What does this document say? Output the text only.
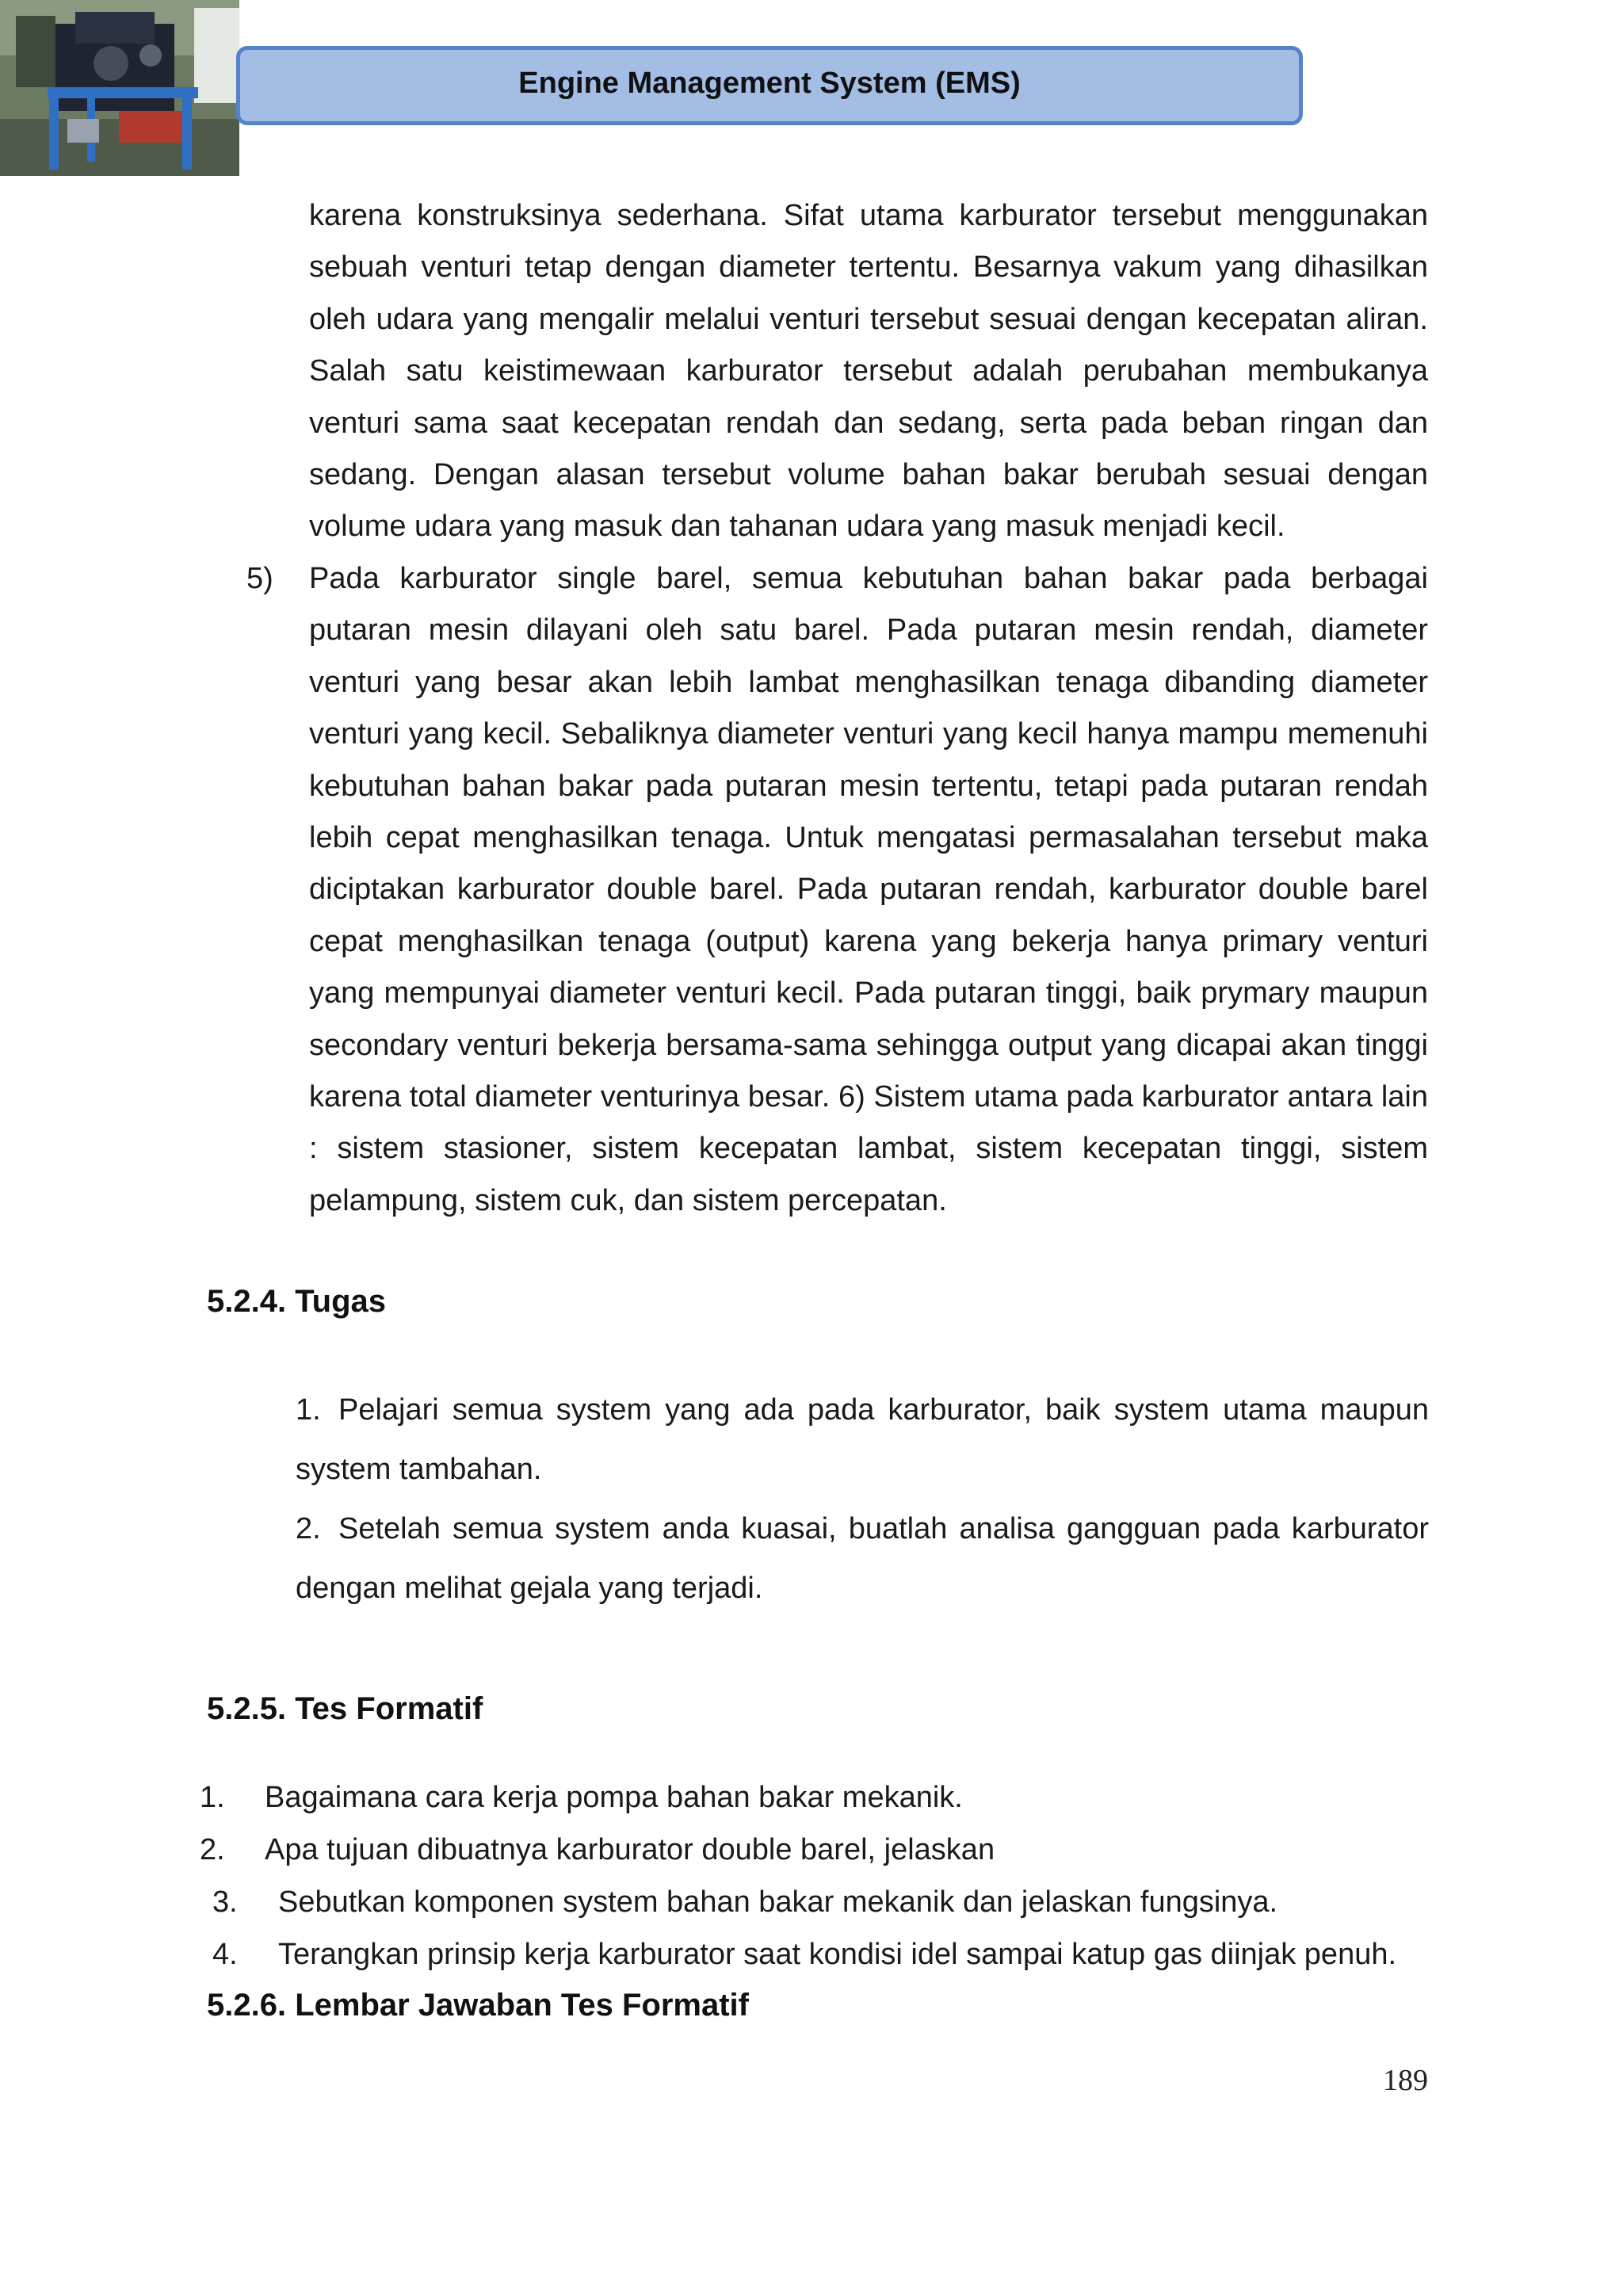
Engine Management System (EMS)
karena konstruksinya sederhana. Sifat utama karburator tersebut menggunakan sebuah venturi tetap dengan diameter tertentu. Besarnya vakum yang dihasilkan oleh udara yang mengalir melalui venturi tersebut sesuai dengan kecepatan aliran. Salah satu keistimewaan karburator tersebut adalah perubahan membukanya venturi sama saat kecepatan rendah dan sedang, serta pada beban ringan dan sedang. Dengan alasan tersebut volume bahan bakar berubah sesuai dengan volume udara yang masuk dan tahanan udara yang masuk menjadi kecil.
5) Pada karburator single barel, semua kebutuhan bahan bakar pada berbagai putaran mesin dilayani oleh satu barel. Pada putaran mesin rendah, diameter venturi yang besar akan lebih lambat menghasilkan tenaga dibanding diameter venturi yang kecil. Sebaliknya diameter venturi yang kecil hanya mampu memenuhi kebutuhan bahan bakar pada putaran mesin tertentu, tetapi pada putaran rendah lebih cepat menghasilkan tenaga. Untuk mengatasi permasalahan tersebut maka diciptakan karburator double barel. Pada putaran rendah, karburator double barel cepat menghasilkan tenaga (output) karena yang bekerja hanya primary venturi yang mempunyai diameter venturi kecil. Pada putaran tinggi, baik prymary maupun secondary venturi bekerja bersama-sama sehingga output yang dicapai akan tinggi karena total diameter venturinya besar. 6) Sistem utama pada karburator antara lain : sistem stasioner, sistem kecepatan lambat, sistem kecepatan tinggi, sistem pelampung, sistem cuk, dan sistem percepatan.
5.2.4. Tugas
1. Pelajari semua system yang ada pada karburator, baik system utama maupun system tambahan.
2. Setelah semua system anda kuasai, buatlah analisa gangguan pada karburator dengan melihat gejala yang terjadi.
5.2.5. Tes Formatif
1. Bagaimana cara kerja pompa bahan bakar mekanik.
2. Apa tujuan dibuatnya karburator double barel, jelaskan
3. Sebutkan komponen system bahan bakar mekanik dan jelaskan fungsinya.
4. Terangkan prinsip kerja karburator saat kondisi idel sampai katup gas diinjak penuh.
5.2.6. Lembar Jawaban Tes Formatif
189
